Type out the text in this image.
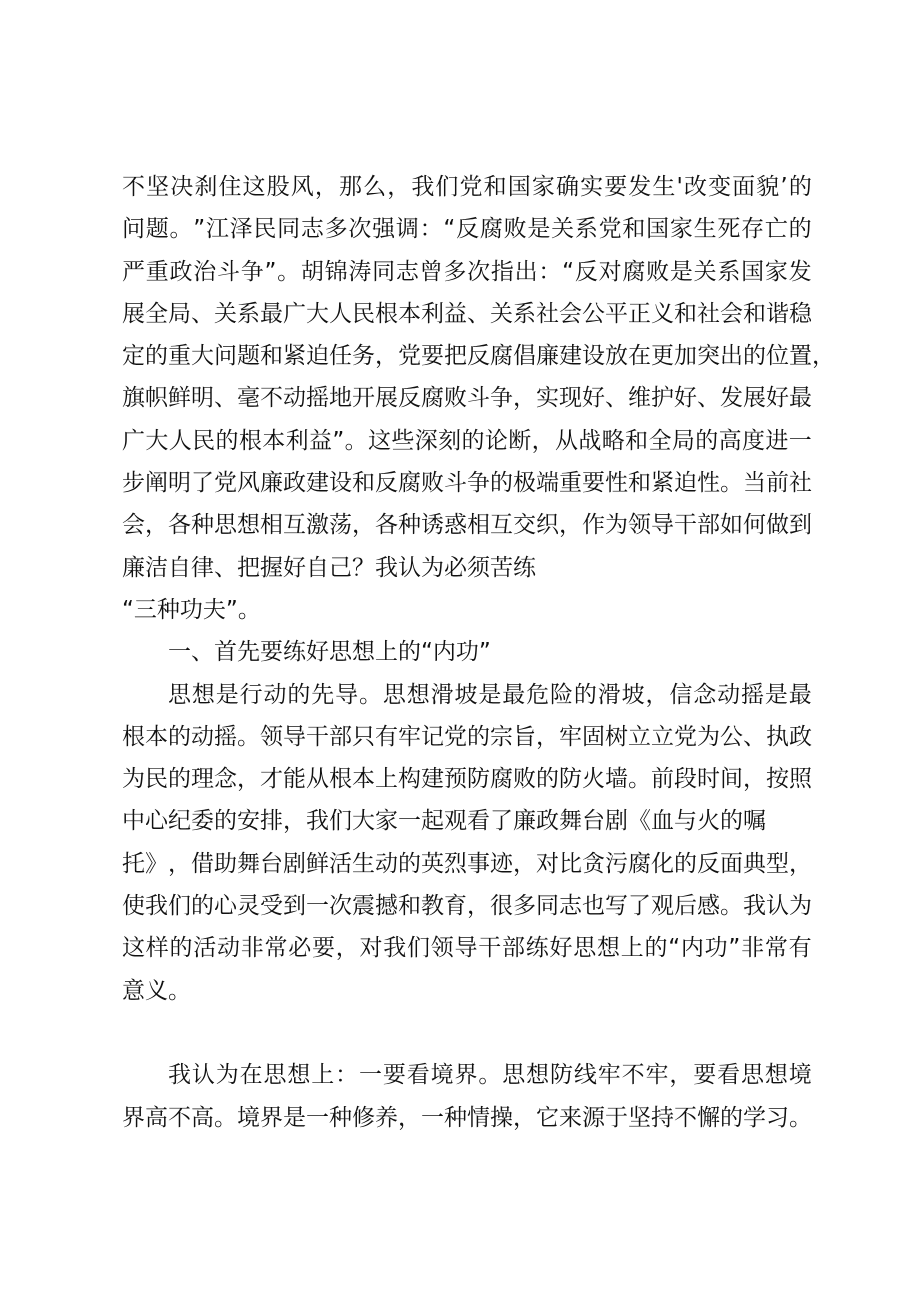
不 坚 决 刹 住 这 股 风 ， 那 么 ， 我 们 党 和 国 家 确 实 要 发 生 ' 改 变 面 貌 ’ 的
问 题 。 ” 江 泽 民 同 志 多 次 强 调 ： “ 反 腐 败 是 关 系 党 和 国 家 生 死 存 亡 的
严 重 政 治 斗 争 ” 。 胡 锦 涛 同 志 曾 多 次 指 出 ： “ 反 对 腐 败 是 关 系 国 家 发
展 全 局 、 关 系 最 广 大 人 民 根 本 利 益 、 关 系 社 会 公 平 正 义 和 社 会 和 谐 稳
定 的 重 大 问 题 和 紧 迫 任 务 ， 党 要 把 反 腐 倡 廉 建 设 放 在 更 加 突 出 的 位 置 ，
旗 帜 鲜 明 、 毫 不 动 摇 地 开 展 反 腐 败 斗 争 ， 实 现 好 、 维 护 好 、 发 展 好 最
广 大 人 民 的 根 本 利 益 ” 。 这 些 深 刻 的 论 断 ， 从 战 略 和 全 局 的 高 度 进 一
步 阐 明 了 党 风 廉 政 建 设 和 反 腐 败 斗 争 的 极 端 重 要 性 和 紧 迫 性 。 当 前 社
会 ， 各 种 思 想 相 互 激 荡 ， 各 种 诱 惑 相 互 交 织 ， 作 为 领 导 干 部 如 何 做 到
廉洁自律、把握好自己？我认为必须苦练
“三种功夫”。
一、首先要练好思想上的“内功”
思 想 是 行 动 的 先 导 。 思 想 滑 坡 是 最 危 险 的 滑 坡 ， 信 念 动 摇 是 最
根 本 的 动 摇 。 领 导 干 部 只 有 牢 记 党 的 宗 旨 ， 牢 固 树 立 立 党 为 公 、 执 政
为 民 的 理 念 ， 才 能 从 根 本 上 构 建 预 防 腐 败 的 防 火 墙 。 前 段 时 间 ， 按 照
中心纪委的安排，我们大家一起观看了廉政舞台剧《血与火的嘱
托 》 ， 借 助 舞 台 剧 鲜 活 生 动 的 英 烈 事 迹 ， 对 比 贪 污 腐 化 的 反 面 典 型 ，
使 我 们 的 心 灵 受 到 一 次 震 撼 和 教 育 ， 很 多 同 志 也 写 了 观 后 感 。 我 认 为
这 样 的 活 动 非 常 必 要 ， 对 我 们 领 导 干 部 练 好 思 想 上 的 “ 内 功 ” 非 常 有
意义。
我 认 为 在 思 想 上 ： 一 要 看 境 界 。 思 想 防 线 牢 不 牢 ， 要 看 思 想 境
界 高 不 高 。 境 界 是 一 种 修 养 ， 一 种 情 操 ， 它 来 源 于 坚 持 不 懈 的 学 习 。
